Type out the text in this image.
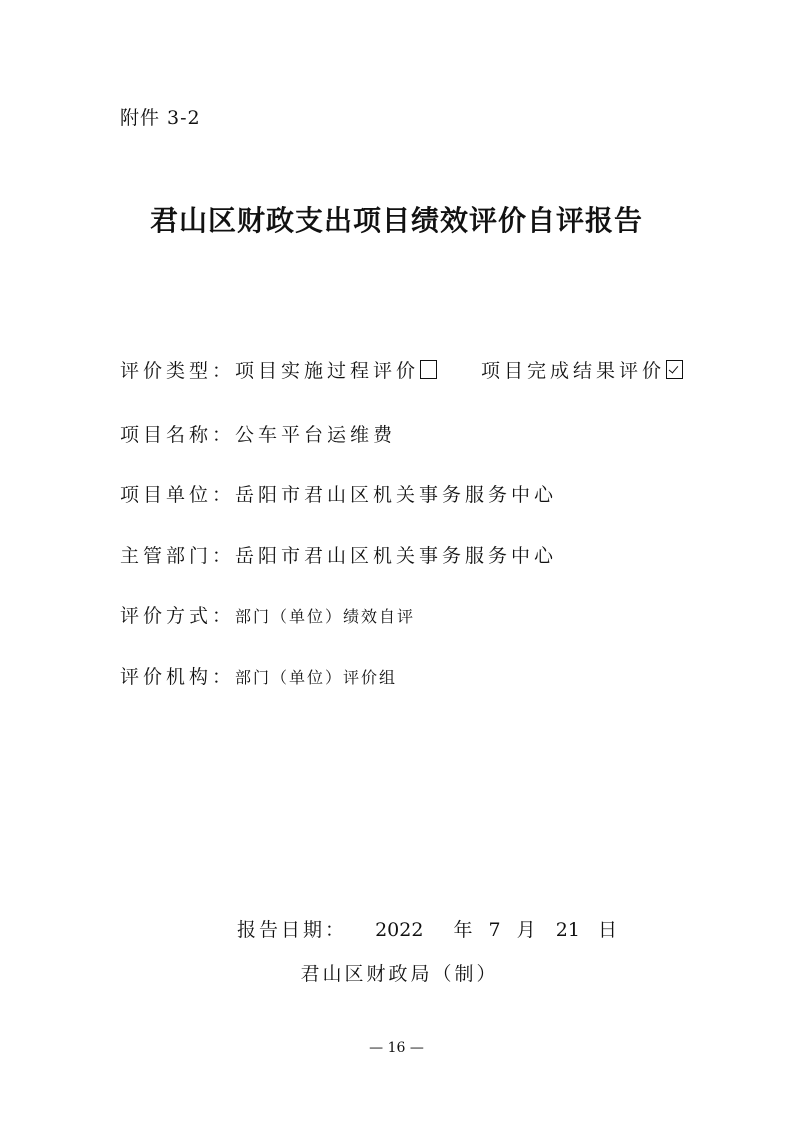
附件 3-2
君山区财政支出项目绩效评价自评报告
评价类型： 项目实施过程评价	项目完成结果评价
项目名称： 公车平台运维费
项目单位： 岳阳市君山区机关事务服务中心
主管部门： 岳阳市君山区机关事务服务中心
评价方式： 部门（单位）绩效自评
评价机构： 部门（单位）评价组
报告日期： 2022 年 7 月 21 日
君山区财政局（制）
— 16 —
